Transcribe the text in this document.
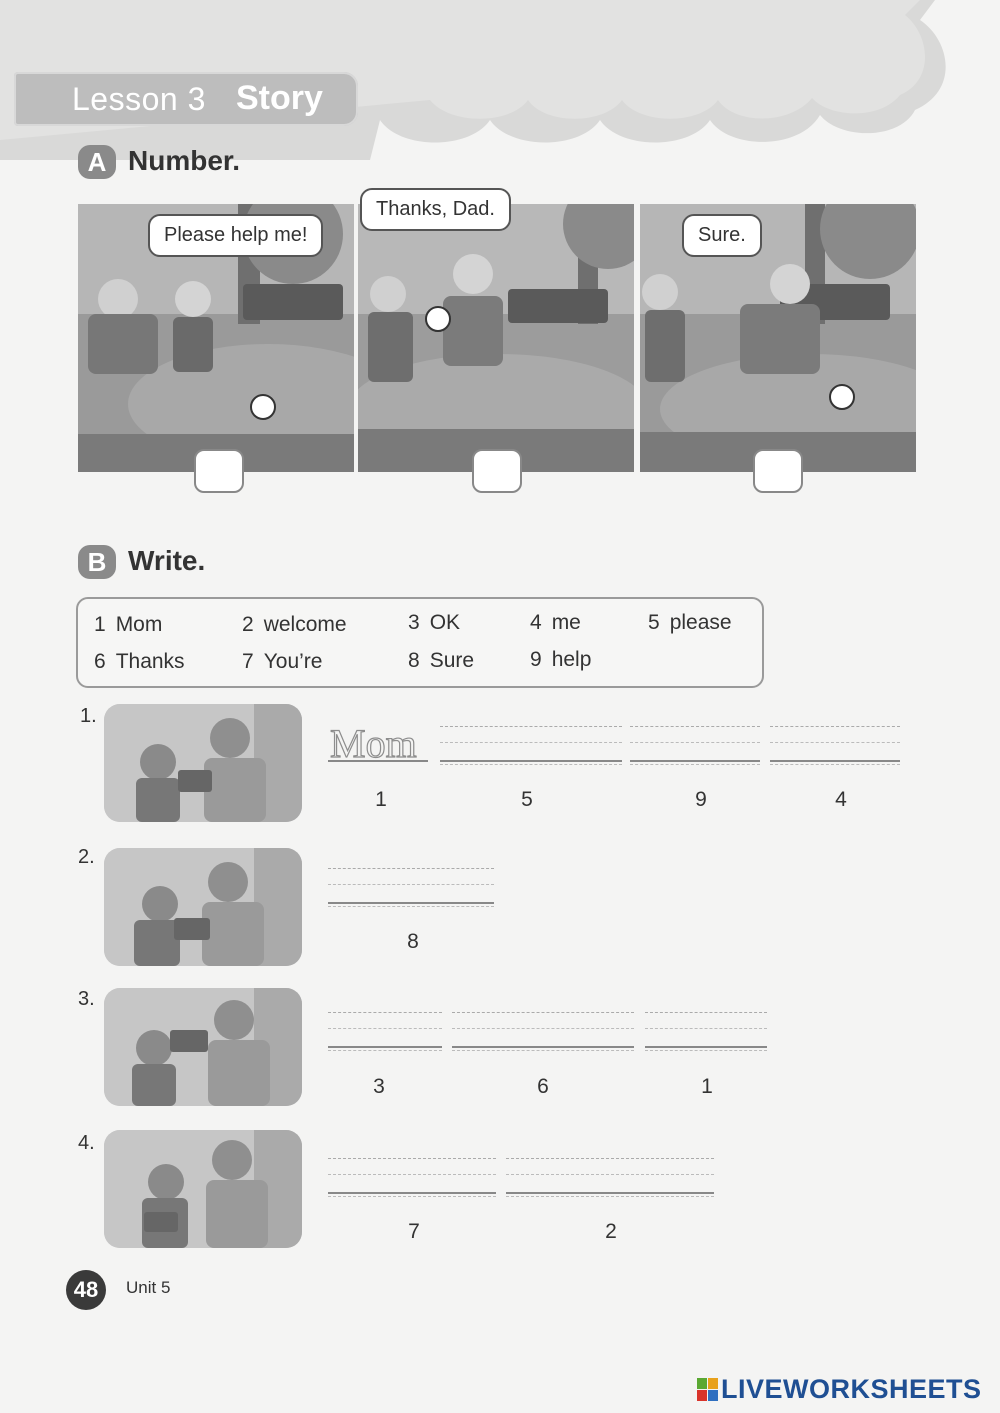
Lesson 3 Story
A Number.
Please help me!
Thanks, Dad.
Sure.
B Write.
1 Mom	2 welcome	3 OK	4 me	5 please
6 Thanks	7 You’re	8 Sure	9 help
1.
Mom
1	5	9	4
2.
8
3.
3	6	1
4.
7	2
48	Unit 5
LIVEWORKSHEETS
